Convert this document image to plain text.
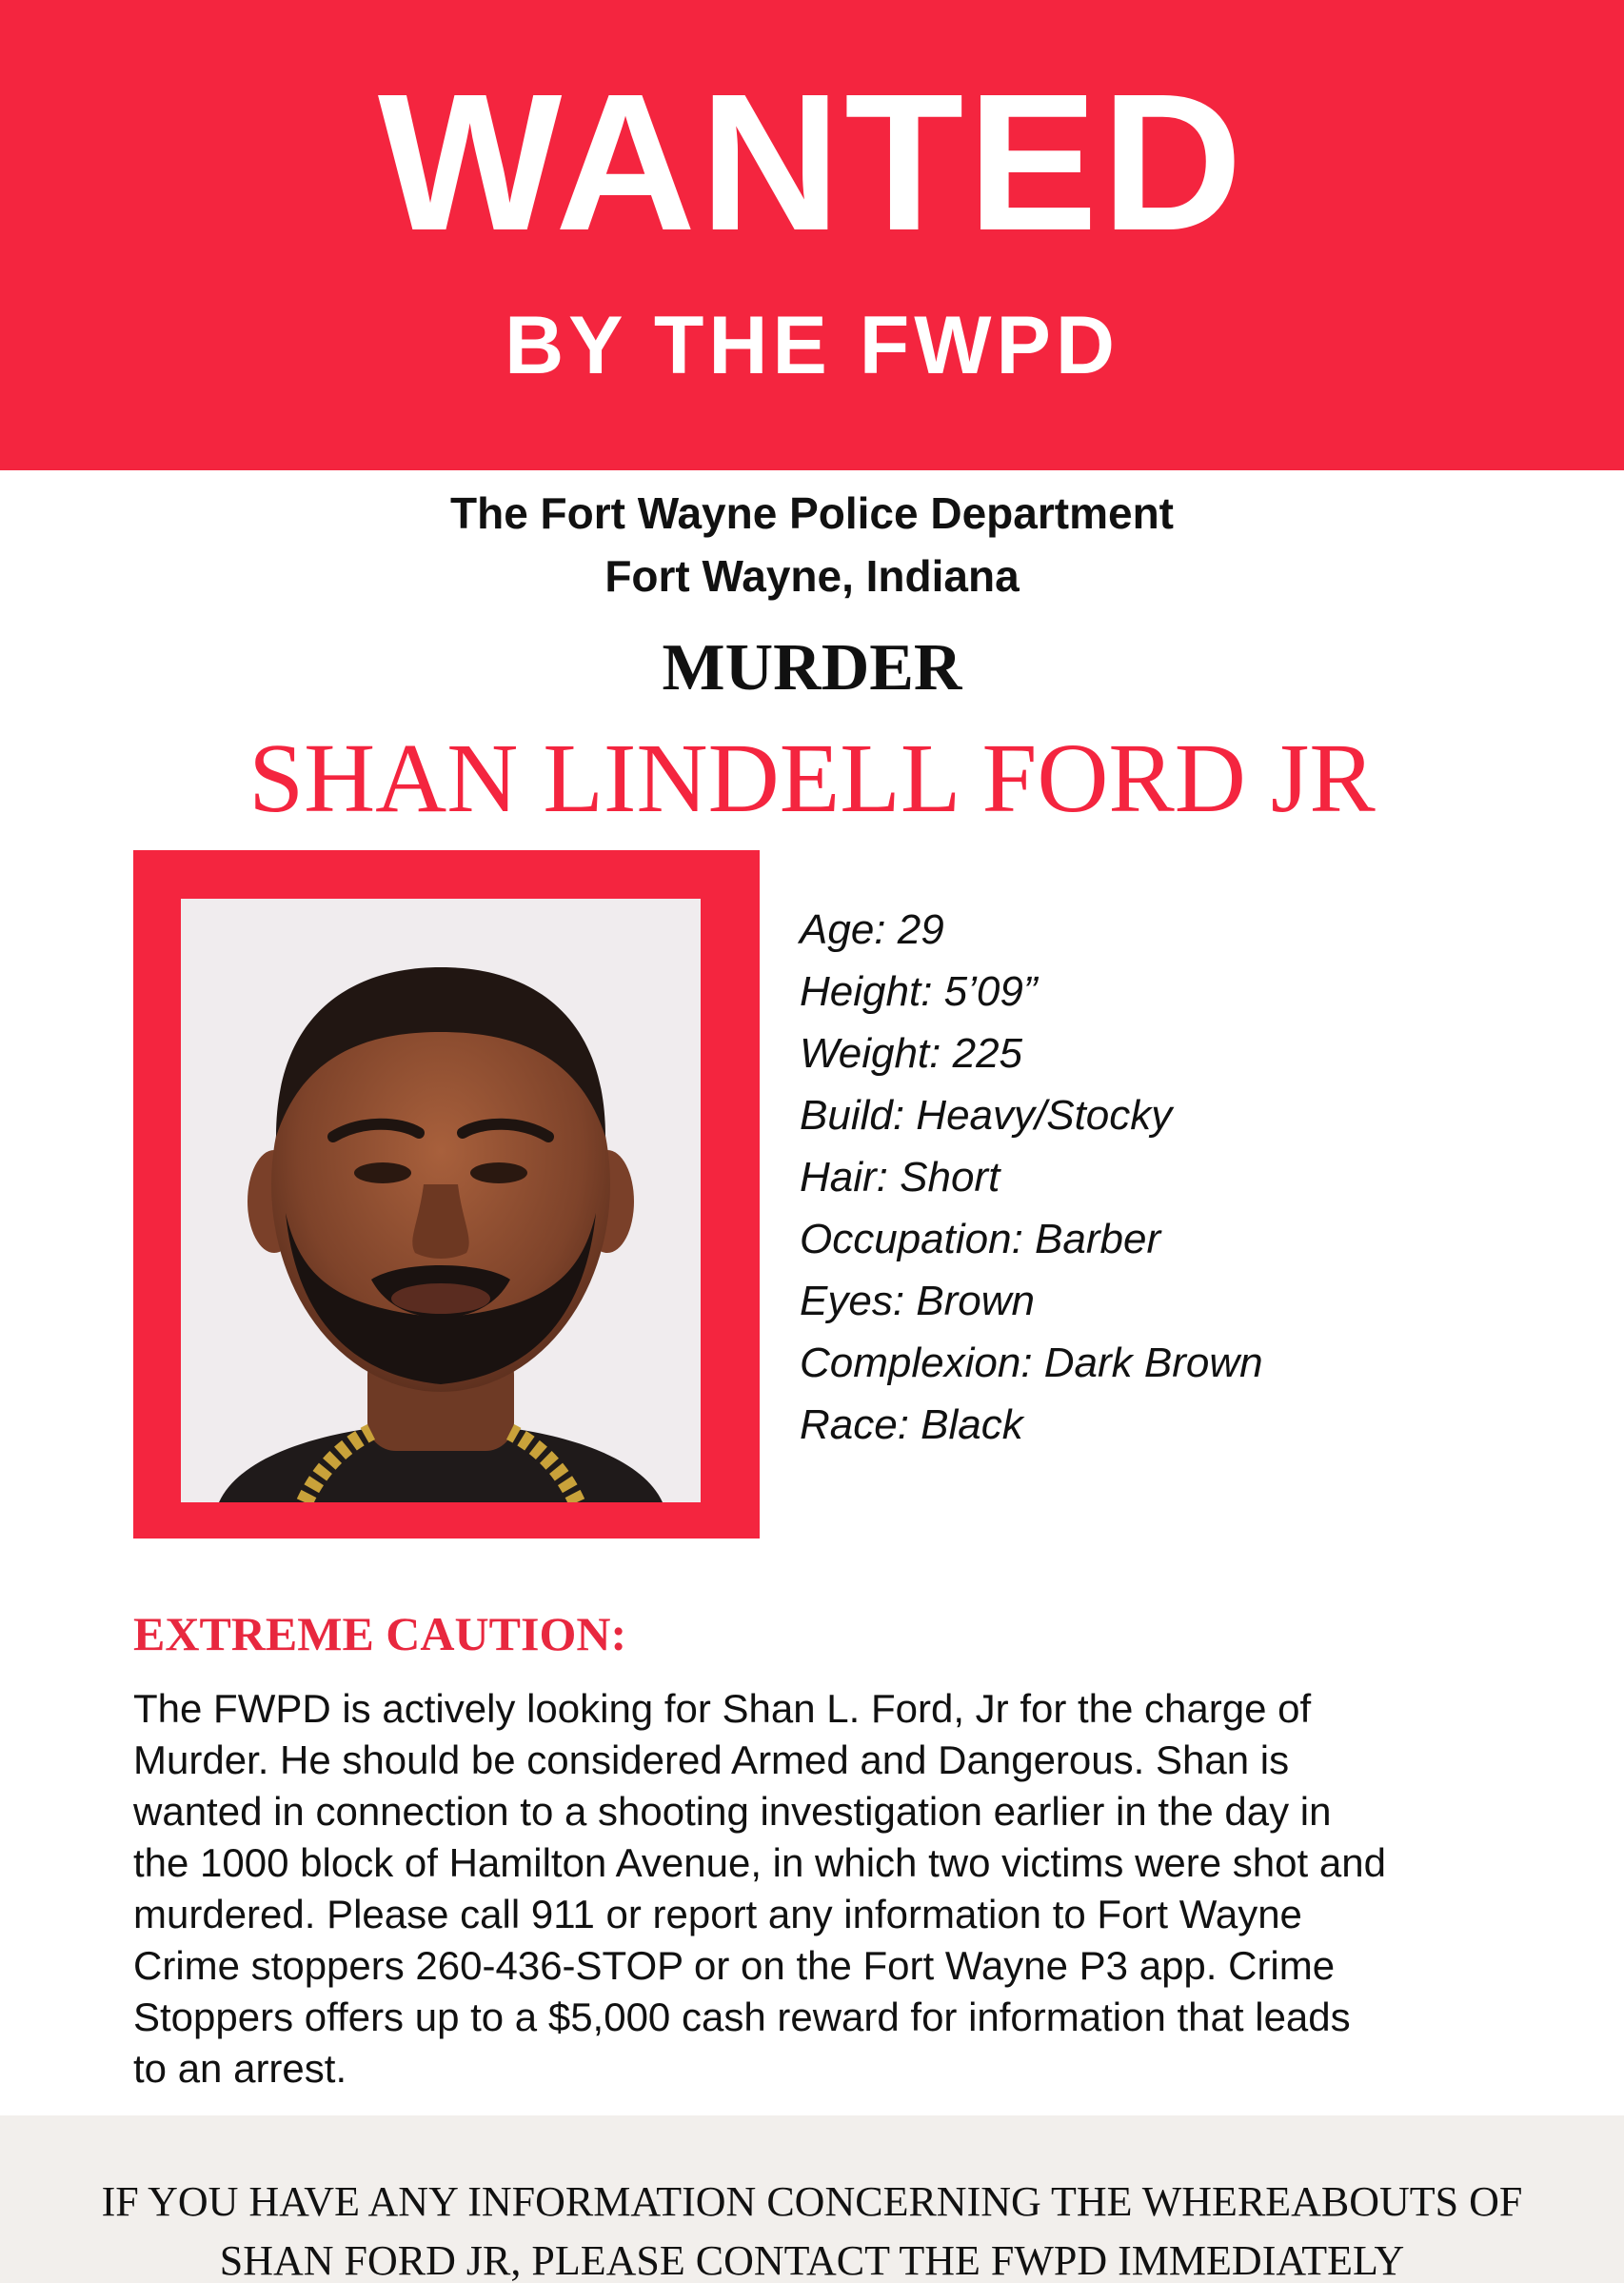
WANTED
BY THE FWPD
The Fort Wayne Police Department
Fort Wayne, Indiana
MURDER
SHAN LINDELL FORD JR
Age: 29
Height: 5’09”
Weight: 225
Build: Heavy/Stocky
Hair: Short
Occupation: Barber
Eyes: Brown
Complexion: Dark Brown
Race: Black
EXTREME CAUTION:
The FWPD is actively looking for Shan L. Ford, Jr for the charge of
Murder. He should be considered Armed and Dangerous. Shan is
wanted in connection to a shooting investigation earlier in the day in
the 1000 block of Hamilton Avenue, in which two victims were shot and
murdered. Please call 911 or report any information to Fort Wayne
Crime stoppers 260-436-STOP or on the Fort Wayne P3 app. Crime
Stoppers offers up to a $5,000 cash reward for information that leads
to an arrest.
IF YOU HAVE ANY INFORMATION CONCERNING THE WHEREABOUTS OF
SHAN FORD JR, PLEASE CONTACT THE FWPD IMMEDIATELY
